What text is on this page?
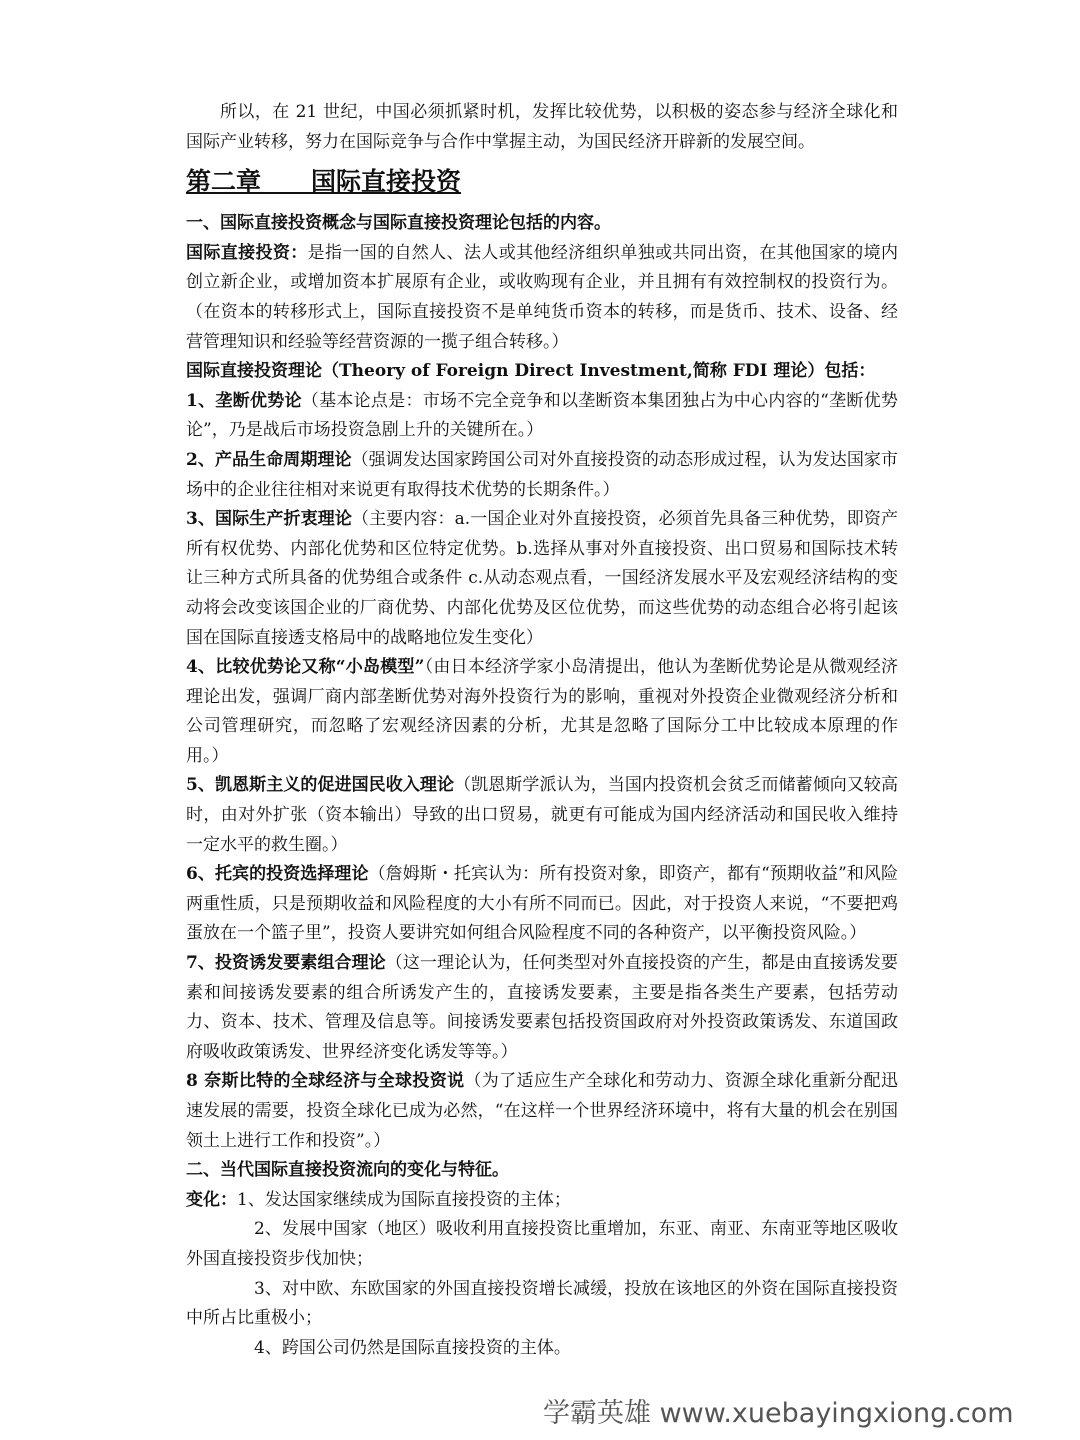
所以，在 21 世纪，中国必须抓紧时机，发挥比较优势，以积极的姿态参与经济全球化和国际产业转移，努力在国际竞争与合作中掌握主动，为国民经济开辟新的发展空间。

第二章　　国际直接投资

一、国际直接投资概念与国际直接投资理论包括的内容。

国际直接投资：是指一国的自然人、法人或其他经济组织单独或共同出资，在其他国家的境内创立新企业，或增加资本扩展原有企业，或收购现有企业，并且拥有有效控制权的投资行为。（在资本的转移形式上，国际直接投资不是单纯货币资本的转移，而是货币、技术、设备、经营管理知识和经验等经营资源的一揽子组合转移。）

国际直接投资理论（Theory of Foreign Direct Investment,简称 FDI 理论）包括：

1、垄断优势论（基本论点是：市场不完全竞争和以垄断资本集团独占为中心内容的“垄断优势论”，乃是战后市场投资急剧上升的关键所在。）

2、产品生命周期理论（强调发达国家跨国公司对外直接投资的动态形成过程，认为发达国家市场中的企业往往相对来说更有取得技术优势的长期条件。）

3、国际生产折衷理论（主要内容：a.一国企业对外直接投资，必须首先具备三种优势，即资产所有权优势、内部化优势和区位特定优势。b.选择从事对外直接投资、出口贸易和国际技术转让三种方式所具备的优势组合或条件 c.从动态观点看，一国经济发展水平及宏观经济结构的变动将会改变该国企业的厂商优势、内部化优势及区位优势，而这些优势的动态组合必将引起该国在国际直接透支格局中的战略地位发生变化）

4、比较优势论又称“小岛模型”（由日本经济学家小岛清提出，他认为垄断优势论是从微观经济理论出发，强调厂商内部垄断优势对海外投资行为的影响，重视对外投资企业微观经济分析和公司管理研究，而忽略了宏观经济因素的分析，尤其是忽略了国际分工中比较成本原理的作用。）

5、凯恩斯主义的促进国民收入理论（凯恩斯学派认为，当国内投资机会贫乏而储蓄倾向又较高时，由对外扩张（资本输出）导致的出口贸易，就更有可能成为国内经济活动和国民收入维持一定水平的救生圈。）

6、托宾的投资选择理论（詹姆斯・托宾认为：所有投资对象，即资产，都有“预期收益”和风险两重性质，只是预期收益和风险程度的大小有所不同而已。因此，对于投资人来说，“不要把鸡蛋放在一个篮子里”，投资人要讲究如何组合风险程度不同的各种资产，以平衡投资风险。）

7、投资诱发要素组合理论（这一理论认为，任何类型对外直接投资的产生，都是由直接诱发要素和间接诱发要素的组合所诱发产生的，直接诱发要素，主要是指各类生产要素，包括劳动力、资本、技术、管理及信息等。间接诱发要素包括投资国政府对外投资政策诱发、东道国政府吸收政策诱发、世界经济变化诱发等等。）

8 奈斯比特的全球经济与全球投资说（为了适应生产全球化和劳动力、资源全球化重新分配迅速发展的需要，投资全球化已成为必然，“在这样一个世界经济环境中，将有大量的机会在别国领土上进行工作和投资”。）

二、当代国际直接投资流向的变化与特征。

变化：1、发达国家继续成为国际直接投资的主体；

2、发展中国家（地区）吸收利用直接投资比重增加，东亚、南亚、东南亚等地区吸收外国直接投资步伐加快；

3、对中欧、东欧国家的外国直接投资增长减缓，投放在该地区的外资在国际直接投资中所占比重极小；

4、跨国公司仍然是国际直接投资的主体。

学霸英雄 www.xuebayingxiong.com
